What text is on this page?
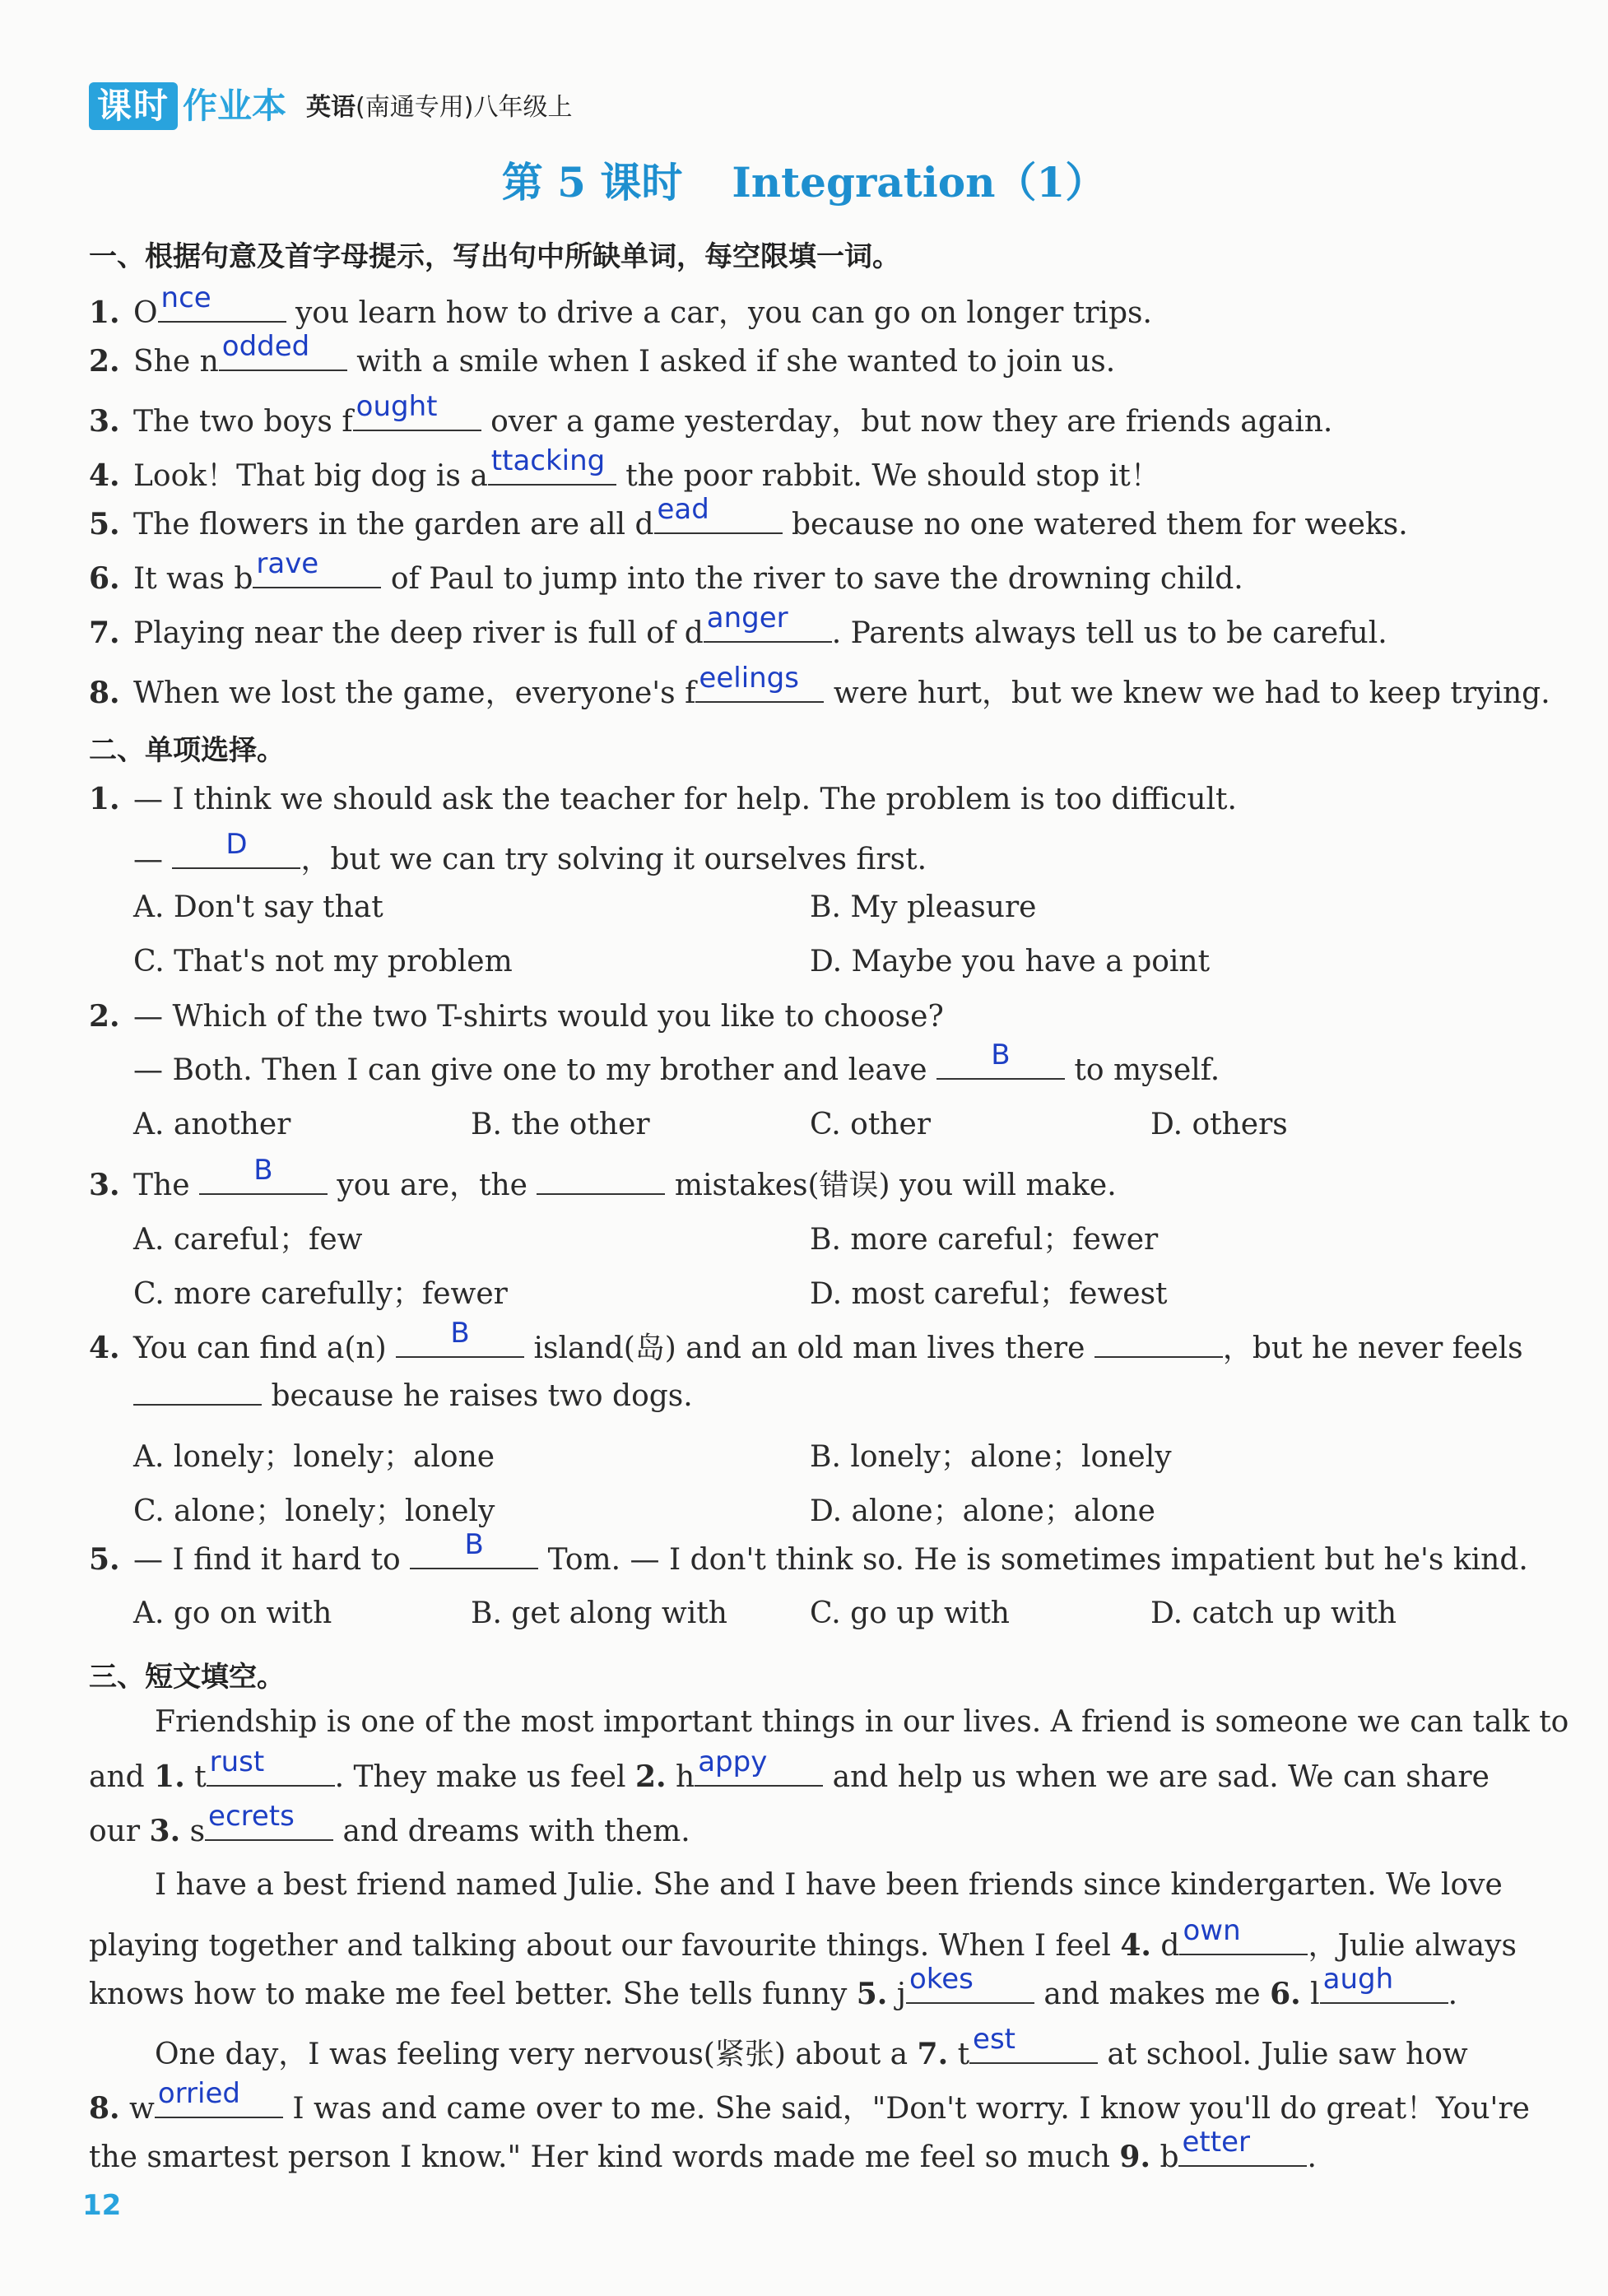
课时 作业本 英语(南通专用)八年级上
第 5 课时 Integration（1）
一、根据句意及首字母提示，写出句中所缺单词，每空限填一词。
1. O nce	you learn how to drive a car，you can go on longer trips.
2. She n odded with a smile when I asked if she wanted to join us.
3. The two boys f ought over a game yesterday，but now they are friends again.
4. Look！That big dog is a ttacking the poor rabbit. We should stop it！
5. The flowers in the garden are all d ead because no one watered them for weeks.
6. It was b rave of Paul to jump into the river to save the drowning child.
7. Playing near the deep river is full of d anger . Parents always tell us to be careful.
8. When we lost the game，everyone's f eelings were hurt，but we knew we had to keep trying.
二、单项选择。
1. — I think we should ask the teacher for help. The problem is too difficult.
—	D	，but we can try solving it ourselves first.
A. Don't say that	B. My pleasure
C. That's not my problem	D. Maybe you have a point
2. — Which of the two T-shirts would you like to choose?
— Both. Then I can give one to my brother and leave	B	to myself.
A. another	B. the other	C. other	D. others
3. The	B	you are，the	mistakes(错误) you will make.
A. careful；few	B. more careful；fewer
C. more carefully；fewer	D. most careful；fewest
4. You can find a(n)	B	island(岛) and an old man lives there	，but he never feels
because he raises two dogs.
A. lonely；lonely；alone	B. lonely；alone；lonely
C. alone；lonely；lonely	D. alone；alone；alone
5. — I find it hard to	B	Tom. — I don't think so. He is sometimes impatient but he's kind.
A. go on with	B. get along with	C. go up with	D. catch up with
三、短文填空。
Friendship is one of the most important things in our lives. A friend is someone we can talk to
and 1. t rust . They make us feel 2. h appy and help us when we are sad. We can share
our 3. s ecrets and dreams with them.
I have a best friend named Julie. She and I have been friends since kindergarten. We love
playing together and talking about our favourite things. When I feel 4. d own ，Julie always
knows how to make me feel better. She tells funny 5. j okes and makes me 6. l augh .
One day，I was feeling very nervous(紧张) about a 7. t est	at school. Julie saw how
8. w orried I was and came over to me. She said，"Don't worry. I know you'll do great！You're
the smartest person I know." Her kind words made me feel so much 9. b etter .
12
